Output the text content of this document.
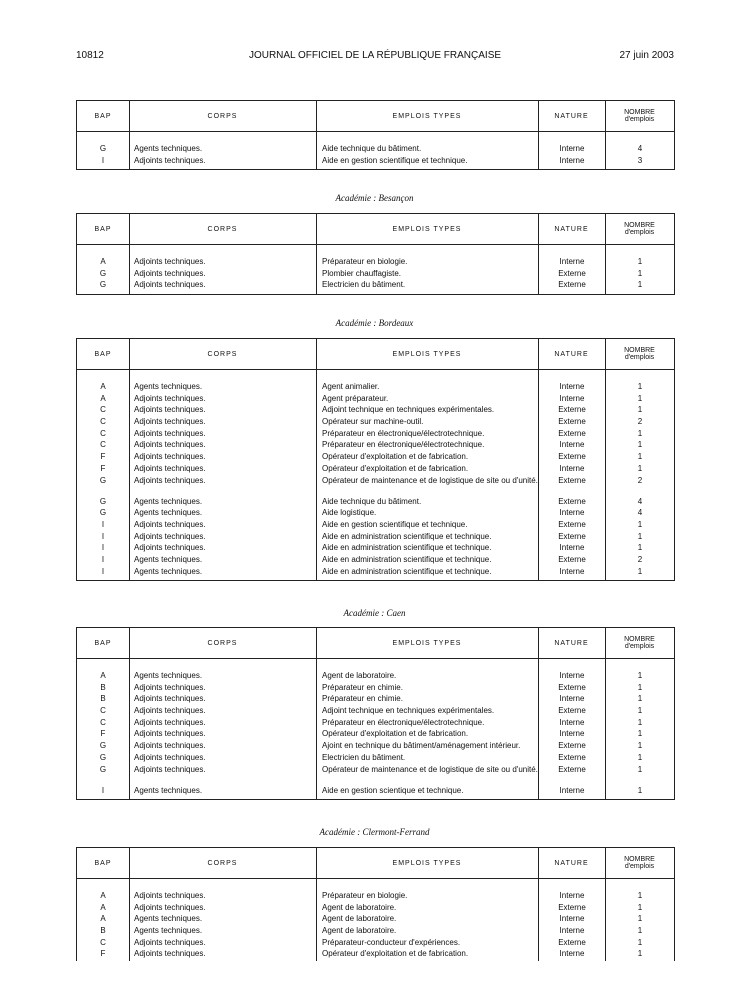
10812	JOURNAL OFFICIEL DE LA RÉPUBLIQUE FRANÇAISE	27 juin 2003
BAP	CORPS	EMPLOIS TYPES	NATURE	NOMBRE
d'emplois
G	Agents techniques.	Aide technique du bâtiment.	Interne	4
I	Adjoints techniques.	Aide en gestion scientifique et technique.	Interne	3
Académie : Besançon
BAP	CORPS	EMPLOIS TYPES	NATURE	NOMBRE
d'emplois
A	Adjoints techniques.	Préparateur en biologie.	Interne	1
G	Adjoints techniques.	Plombier chauffagiste.	Externe	1
G	Adjoints techniques.	Electricien du bâtiment.	Externe	1
Académie : Bordeaux
BAP	CORPS	EMPLOIS TYPES	NATURE	NOMBRE
d'emplois
A	Agents techniques.	Agent animalier.	Interne	1
A	Adjoints techniques.	Agent préparateur.	Interne	1
C	Adjoints techniques.	Adjoint technique en techniques expérimentales.	Externe	1
C	Adjoints techniques.	Opérateur sur machine-outil.	Externe	2
C	Adjoints techniques.	Préparateur en électronique/électrotechnique.	Externe	1
C	Adjoints techniques.	Préparateur en électronique/électrotechnique.	Interne	1
F	Adjoints techniques.	Opérateur d'exploitation et de fabrication.	Externe	1
F	Adjoints techniques.	Opérateur d'exploitation et de fabrication.	Interne	1
G	Adjoints techniques.	Opérateur de maintenance et de logistique de site ou d'unité.	Externe	2
G	Agents techniques.	Aide technique du bâtiment.	Externe	4
G	Agents techniques.	Aide logistique.	Interne	4
I	Adjoints techniques.	Aide en gestion scientifique et technique.	Externe	1
I	Adjoints techniques.	Aide en administration scientifique et technique.	Externe	1
I	Adjoints techniques.	Aide en administration scientifique et technique.	Interne	1
I	Agents techniques.	Aide en administration scientifique et technique.	Externe	2
I	Agents techniques.	Aide en administration scientifique et technique.	Interne	1
Académie : Caen
BAP	CORPS	EMPLOIS TYPES	NATURE	NOMBRE
d'emplois
A	Agents techniques.	Agent de laboratoire.	Interne	1
B	Adjoints techniques.	Préparateur en chimie.	Externe	1
B	Adjoints techniques.	Préparateur en chimie.	Interne	1
C	Adjoints techniques.	Adjoint technique en techniques expérimentales.	Externe	1
C	Adjoints techniques.	Préparateur en électronique/électrotechnique.	Interne	1
F	Adjoints techniques.	Opérateur d'exploitation et de fabrication.	Interne	1
G	Adjoints techniques.	Ajoint en technique du bâtiment/aménagement intérieur.	Externe	1
G	Adjoints techniques.	Electricien du bâtiment.	Externe	1
G	Adjoints techniques.	Opérateur de maintenance et de logistique de site ou d'unité.	Externe	1
I	Agents techniques.	Aide en gestion scientique et technique.	Interne	1
Académie : Clermont-Ferrand
BAP	CORPS	EMPLOIS TYPES	NATURE	NOMBRE
d'emplois
A	Adjoints techniques.	Préparateur en biologie.	Interne	1
A	Adjoints techniques.	Agent de laboratoire.	Externe	1
A	Agents techniques.	Agent de laboratoire.	Interne	1
B	Agents techniques.	Agent de laboratoire.	Interne	1
C	Adjoints techniques.	Préparateur-conducteur d'expériences.	Externe	1
F	Adjoints techniques.	Opérateur d'exploitation et de fabrication.	Interne	1
